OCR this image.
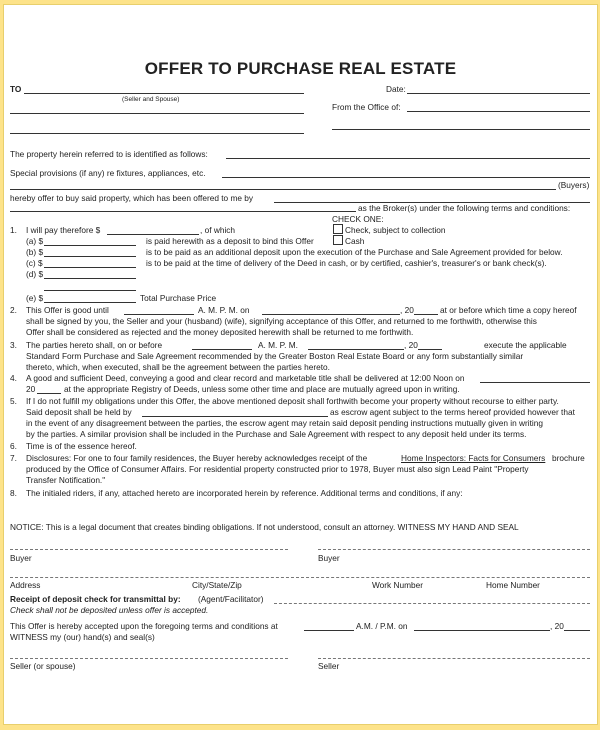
OFFER TO PURCHASE REAL ESTATE
TO
(Seller and Spouse)
Date:
From the Office of:
The property herein referred to is identified as follows:
Special provisions (if any) re fixtures, appliances, etc.
(Buyers)
hereby offer to buy said property, which has been offered to me by
as the Broker(s) under the following terms and conditions:
CHECK ONE:
1. I will pay therefore $	, of which	Check, subject to collection
Cash
(a) $	is paid herewith as a deposit to bind this Offer
(b) $	is to be paid as an additional deposit upon the execution of the Purchase and Sale Agreement provided for below.
(c) $	is to be paid at the time of delivery of the Deed in cash, or by certified, cashier's, treasurer's or bank check(s).
(d) $
(e) $	Total Purchase Price
2. This Offer is good until	A. M. P. M. on	, 20	at or before which time a copy hereof
shall be signed by you, the Seller and your (husband) (wife), signifying acceptance of this Offer, and returned to me forthwith, otherwise this
Offer shall be considered as rejected and the money deposited herewith shall be returned to me forthwith.
3. The parties hereto shall, on or before	A. M. P. M.	, 20	execute the applicable
Standard Form Purchase and Sale Agreement recommended by the Greater Boston Real Estate Board or any form substantially similar
thereto, which, when executed, shall be the agreement between the parties hereto.
4. A good and sufficient Deed, conveying a good and clear record and marketable title shall be delivered at 12:00 Noon on
20	at the appropriate Registry of Deeds, unless some other time and place are mutually agreed upon in writing.
5. If I do not fulfill my obligations under this Offer, the above mentioned deposit shall forthwith become your property without recourse to either party.
Said deposit shall be held by	as escrow agent subject to the terms hereof provided however that
in the event of any disagreement between the parties, the escrow agent may retain said deposit pending instructions mutually given in writing
by the parties. A similar provision shall be included in the Purchase and Sale Agreement with respect to any deposit held under its terms.
6. Time is of the essence hereof.
7. Disclosures: For one to four family residences, the Buyer hereby acknowledges receipt of the	Home Inspectors: Facts for Consumers brochure
produced by the Office of Consumer Affairs. For residential property constructed prior to 1978, Buyer must also sign Lead Paint "Property
Transfer Notification."
8. The initialed riders, if any, attached hereto are incorporated herein by reference. Additional terms and conditions, if any:
NOTICE: This is a legal document that creates binding obligations. If not understood, consult an attorney. WITNESS MY HAND AND SEAL
Buyer	Buyer
Address	City/State/Zip	Work Number	Home Number
Receipt of deposit check for transmittal by: (Agent/Facilitator)
Check shall not be deposited unless offer is accepted.
This Offer is hereby accepted upon the foregoing terms and conditions at	A.M. / P.M. on	, 20
WITNESS my (our) hand(s) and seal(s)
Seller (or spouse)	Seller
